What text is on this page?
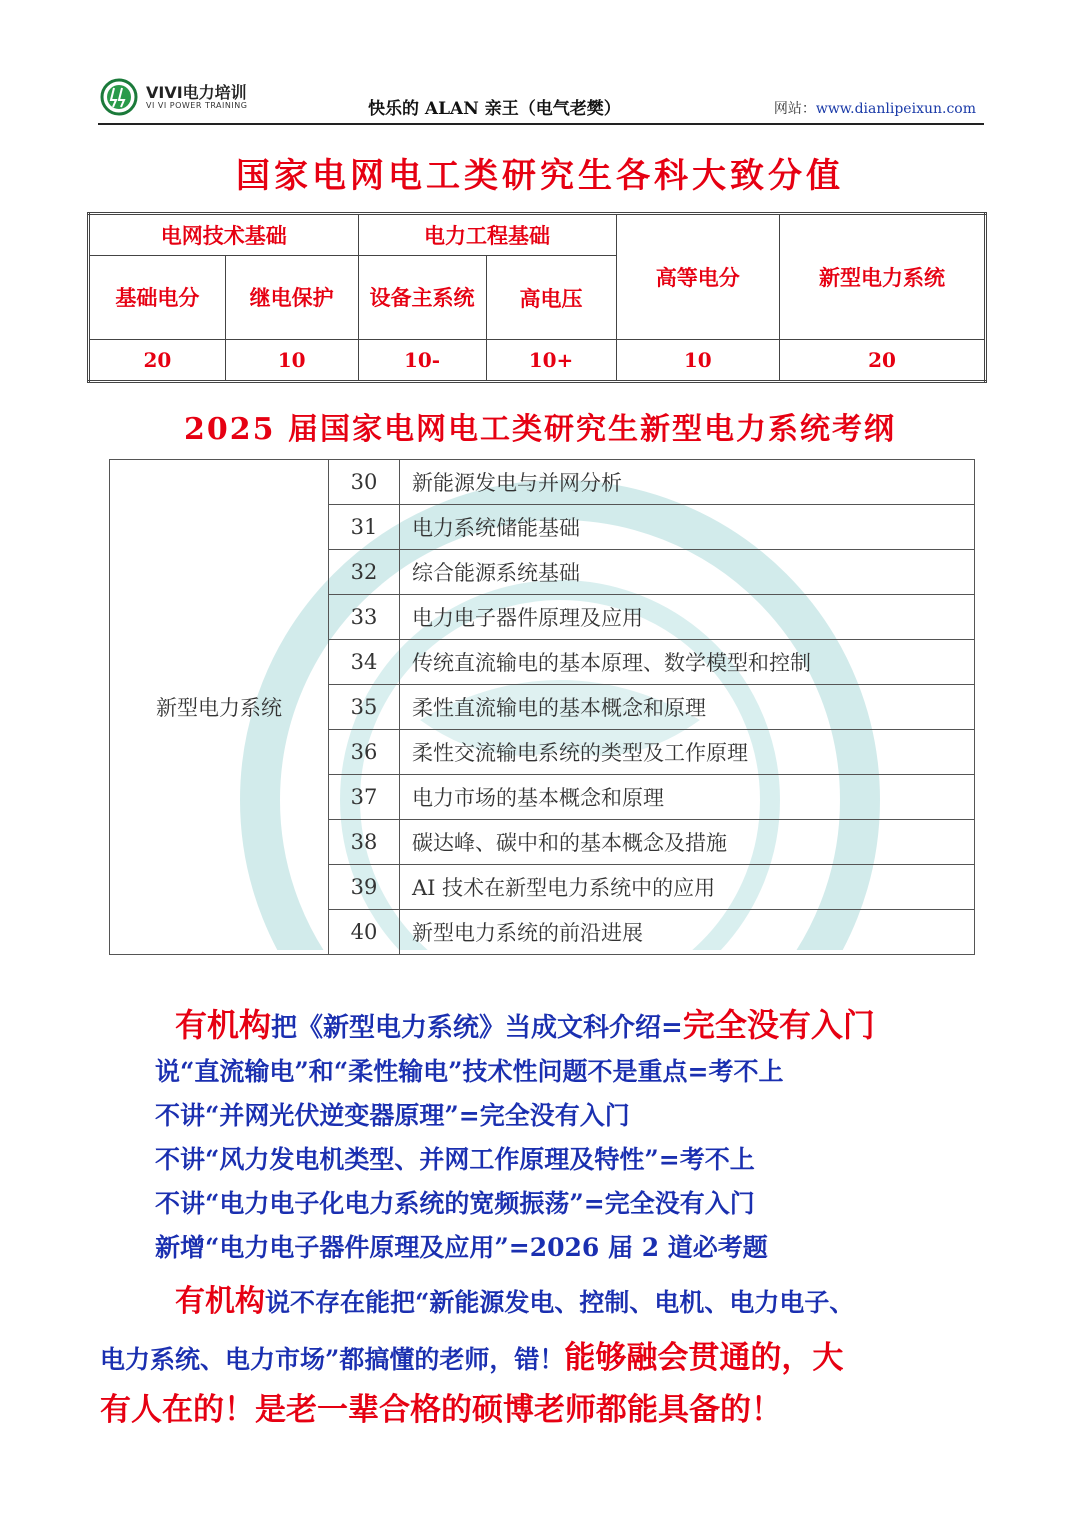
VIVI电力培训
VI VI POWER TRAINING	快乐的 ALAN 亲王（电气老樊）	网站：www.dianlipeixun.com
国家电网电工类研究生各科大致分值
电网技术基础		电力工程基础		高等电分	新型电力系统
基础电分	继电保护	设备主系统	高电压		
20	10	10-	10+	10	20
2025 届国家电网电工类研究生新型电力系统考纲
新型电力系统	30	新能源发电与并网分析
	31	电力系统储能基础
	32	综合能源系统基础
	33	电力电子器件原理及应用
	34	传统直流输电的基本原理、数学模型和控制
	35	柔性直流输电的基本概念和原理
	36	柔性交流输电系统的类型及工作原理
	37	电力市场的基本概念和原理
	38	碳达峰、碳中和的基本概念及措施
	39	AI 技术在新型电力系统中的应用
	40	新型电力系统的前沿进展
有机构把《新型电力系统》当成文科介绍=完全没有入门
说“直流输电”和“柔性输电”技术性问题不是重点=考不上
不讲“并网光伏逆变器原理”=完全没有入门
不讲“风力发电机类型、并网工作原理及特性”=考不上
不讲“电力电子化电力系统的宽频振荡”=完全没有入门
新增“电力电子器件原理及应用”=2026 届 2 道必考题
有机构说不存在能把“新能源发电、控制、电机、电力电子、
电力系统、电力市场”都搞懂的老师，错！能够融会贯通的，大
有人在的！是老一辈合格的硕博老师都能具备的！
